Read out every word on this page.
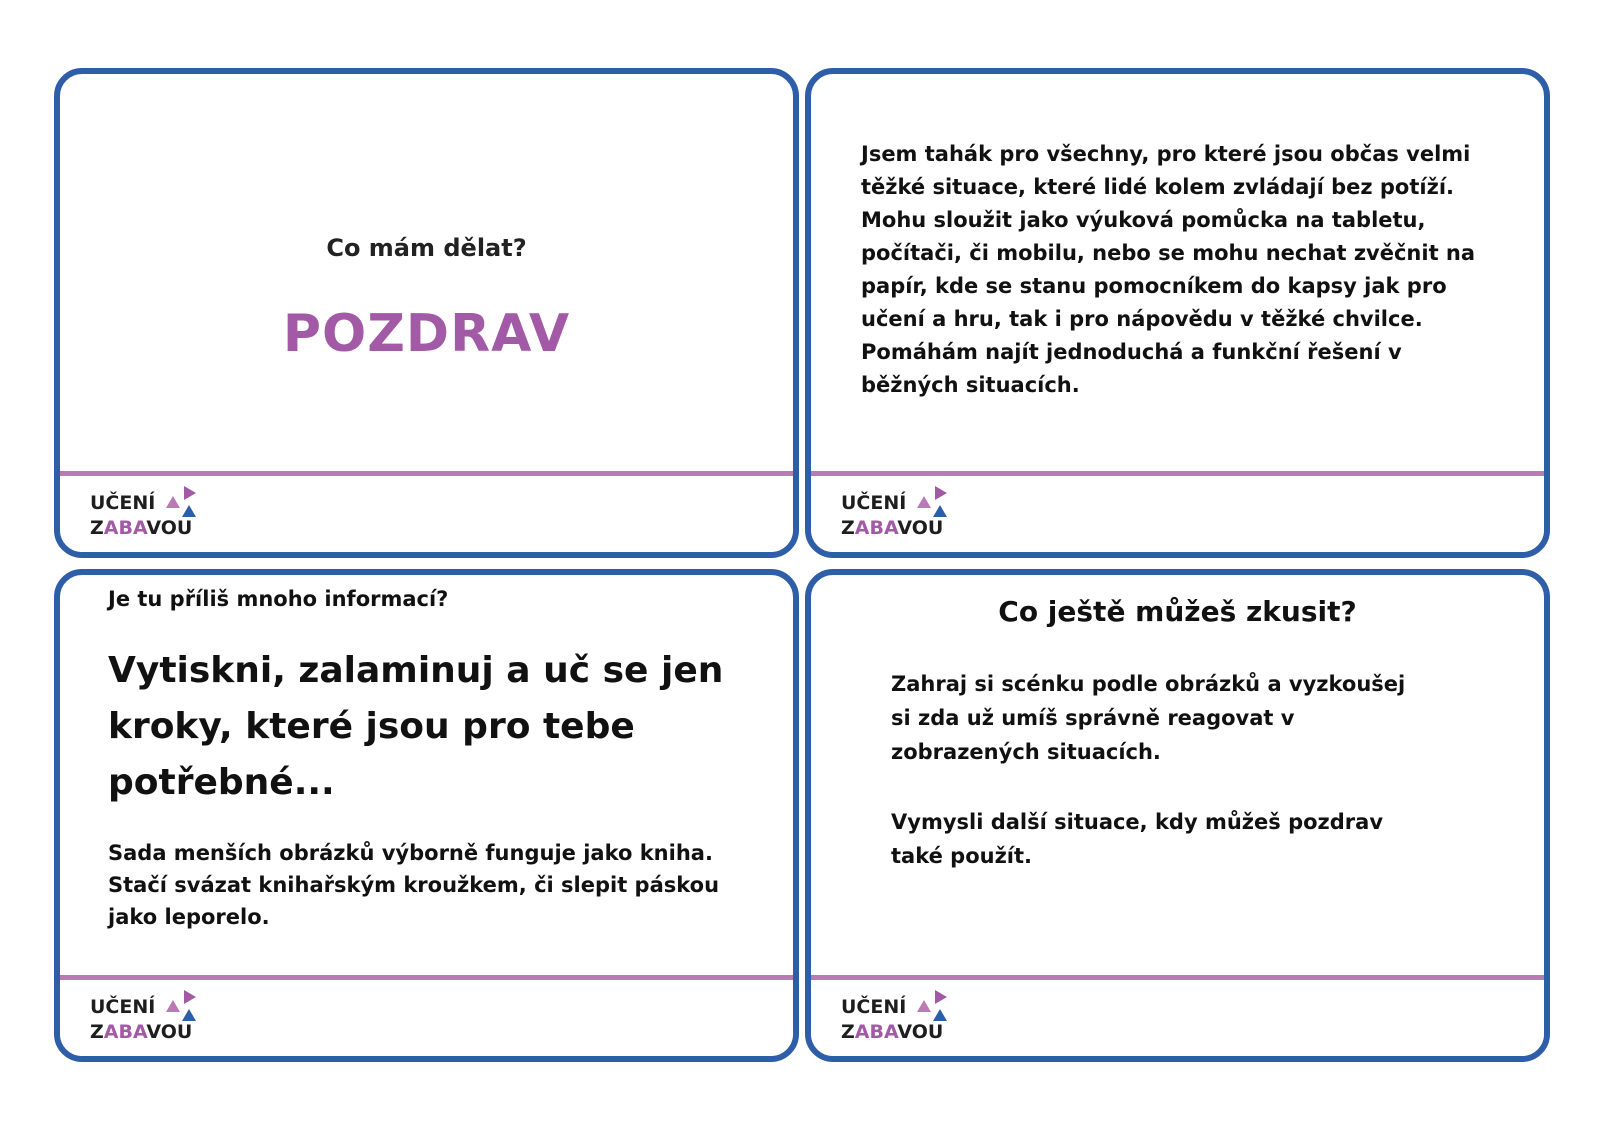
Co mám dělat?
POZDRAV
UČENÍ
ZABAVOU
Jsem tahák pro všechny, pro které jsou občas velmi
těžké situace, které lidé kolem zvládají bez potíží.
Mohu sloužit jako výuková pomůcka na tabletu,
počítači, či mobilu, nebo se mohu nechat zvěčnit na
papír, kde se stanu pomocníkem do kapsy jak pro
učení a hru, tak i pro nápovědu v těžké chvilce.
Pomáhám najít jednoduchá a funkční řešení v
běžných situacích.
UČENÍ
ZABAVOU
Je tu příliš mnoho informací?
Vytiskni, zalaminuj a uč se jen
kroky, které jsou pro tebe
potřebné...
Sada menších obrázků výborně funguje jako kniha.
Stačí svázat knihařským kroužkem, či slepit páskou
jako leporelo.
UČENÍ
ZABAVOU
Co ještě můžeš zkusit?
Zahraj si scénku podle obrázků a vyzkoušej
si zda už umíš správně reagovat v
zobrazených situacích.
Vymysli další situace, kdy můžeš pozdrav
také použít.
UČENÍ
ZABAVOU
